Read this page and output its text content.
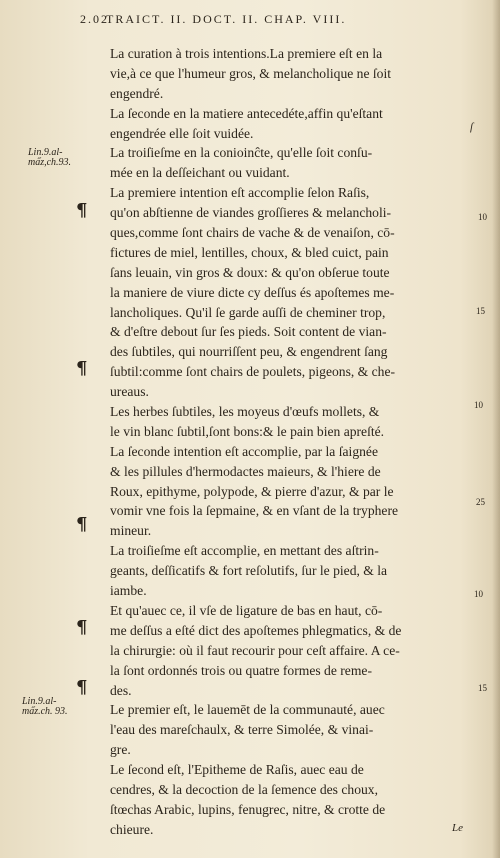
2.02
TRAICT. II. DOCT. II. CHAP. VIII.
La curation à trois intentions.La premiere eſt en la
vie,à ce que l'humeur gros, & melancholique ne ſoit
engendré.
La ſeconde en la matiere antecedéte,affin qu'eſtant
engendrée elle ſoit vuidée.
La troiſieſme en la conioinĉte, qu'elle ſoit conſu-
mée en la deſſeichant ou vuidant.
La premiere intention eſt accomplie ſelon Raſis,
qu'on abſtienne de viandes groſſieres & melancholi-
ques,comme ſont chairs de vache & de venaiſon, cō-
fictures de miel, lentilles, choux, & bled cuict, pain
ſans leuain, vin gros & doux: & qu'on obſerue toute
la maniere de viure dicte cy deſſus és apoſtemes me-
lancholiques. Qu'il ſe garde auſſi de cheminer trop,
& d'eſtre debout ſur ſes pieds. Soit content de vian-
des ſubtiles, qui nourriſſent peu, & engendrent ſang
ſubtil:comme ſont chairs de poulets, pigeons, & che-
ureaus.
Les herbes ſubtiles, les moyeus d'œufs mollets, &
le vin blanc ſubtil,ſont bons:& le pain bien apreſté.
La ſeconde intention eſt accomplie, par la ſaignée
& les pillules d'hermodactes maieurs, & l'hiere de
Roux, epithyme, polypode, & pierre d'azur, & par le
vomir vne fois la ſepmaine, & en vſant de la tryphere
mineur.
La troiſieſme eſt accomplie, en mettant des aſtrin-
geants, deſſicatifs & fort reſolutifs, ſur le pied, & la
iambe.
Et qu'auec ce, il vſe de ligature de bas en haut, cō-
me deſſus a eſté dict des apoſtemes phlegmatics, & de
la chirurgie: où il faut recourir pour ceſt affaire. A ce-
la ſont ordonnés trois ou quatre formes de reme-
des.
Le premier eſt, le lauemēt de la communauté, auec
l'eau des mareſchaulx, & terre Simolée, & vinai-
gre.
Le ſecond eſt, l'Epitheme de Raſis, auec eau de
cendres, & la decoction de la ſemence des choux,
ſtœchas Arabic, lupins, fenugrec, nitre, & crotte de
chieure.
Lin.9.al-
ma̋z,ch.93.
Lin.9.al-
ma̋z.ch. 93.
¶
¶
¶
¶
¶
10
15
10
25
10
15
ſ
Le
